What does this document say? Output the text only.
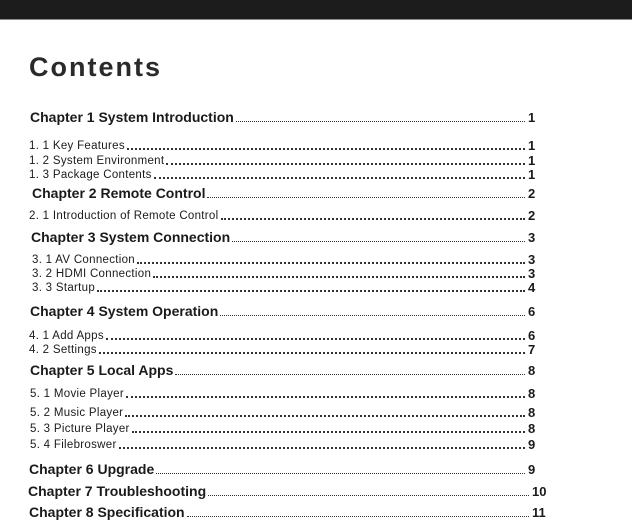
Contents
Chapter 1 System Introduction	1
1. 1 Key Features	1
1. 2 System Environment	1
1. 3 Package Contents	1
Chapter 2 Remote Control	2
2. 1 Introduction of Remote Control	2
Chapter 3 System Connection	3
3. 1 AV Connection	3
3. 2 HDMI Connection	3
3. 3 Startup	4
Chapter 4 System Operation	6
4. 1 Add Apps	6
4. 2 Settings	7
Chapter 5 Local Apps	8
5. 1 Movie Player	8
5. 2 Music Player	8
5. 3 Picture Player	8
5. 4 Filebroswer	9
Chapter 6 Upgrade	9
Chapter 7 Troubleshooting	10
Chapter 8 Specification	11
